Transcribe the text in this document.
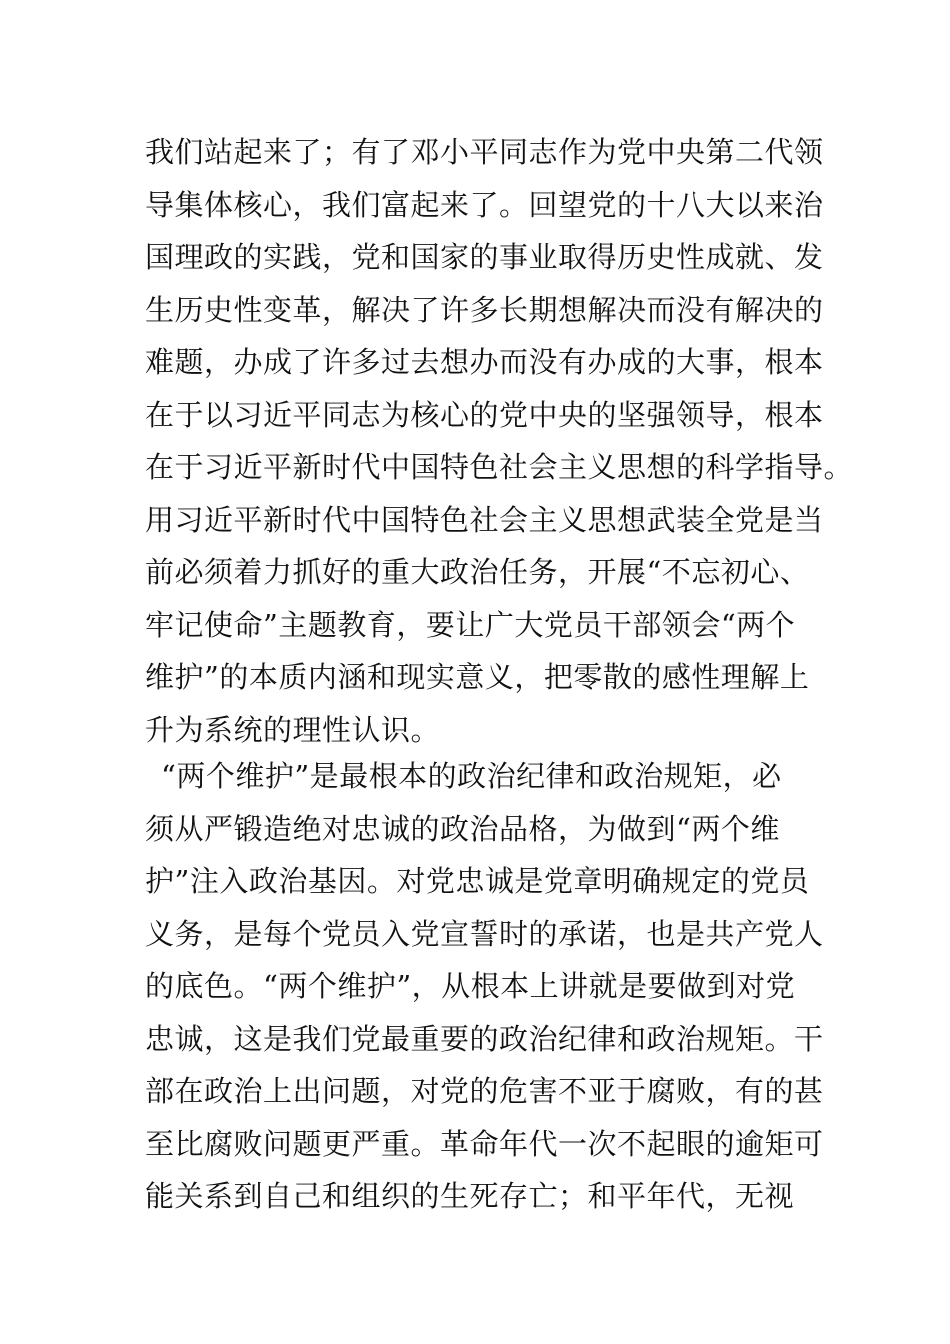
我们站起来了；有了邓小平同志作为党中央第二代领
导集体核心，我们富起来了。回望党的十八大以来治
国理政的实践，党和国家的事业取得历史性成就、发
生历史性变革，解决了许多长期想解决而没有解决的
难题，办成了许多过去想办而没有办成的大事，根本
在于以习近平同志为核心的党中央的坚强领导，根本
在于习近平新时代中国特色社会主义思想的科学指导。
用习近平新时代中国特色社会主义思想武装全党是当
前必须着力抓好的重大政治任务，开展“不忘初心、
牢记使命”主题教育，要让广大党员干部领会“两个
维护”的本质内涵和现实意义，把零散的感性理解上
升为系统的理性认识。
“两个维护”是最根本的政治纪律和政治规矩，必
须从严锻造绝对忠诚的政治品格，为做到“两个维
护”注入政治基因。对党忠诚是党章明确规定的党员
义务，是每个党员入党宣誓时的承诺，也是共产党人
的底色。“两个维护”，从根本上讲就是要做到对党
忠诚，这是我们党最重要的政治纪律和政治规矩。干
部在政治上出问题，对党的危害不亚于腐败，有的甚
至比腐败问题更严重。革命年代一次不起眼的逾矩可
能关系到自己和组织的生死存亡；和平年代，无视
